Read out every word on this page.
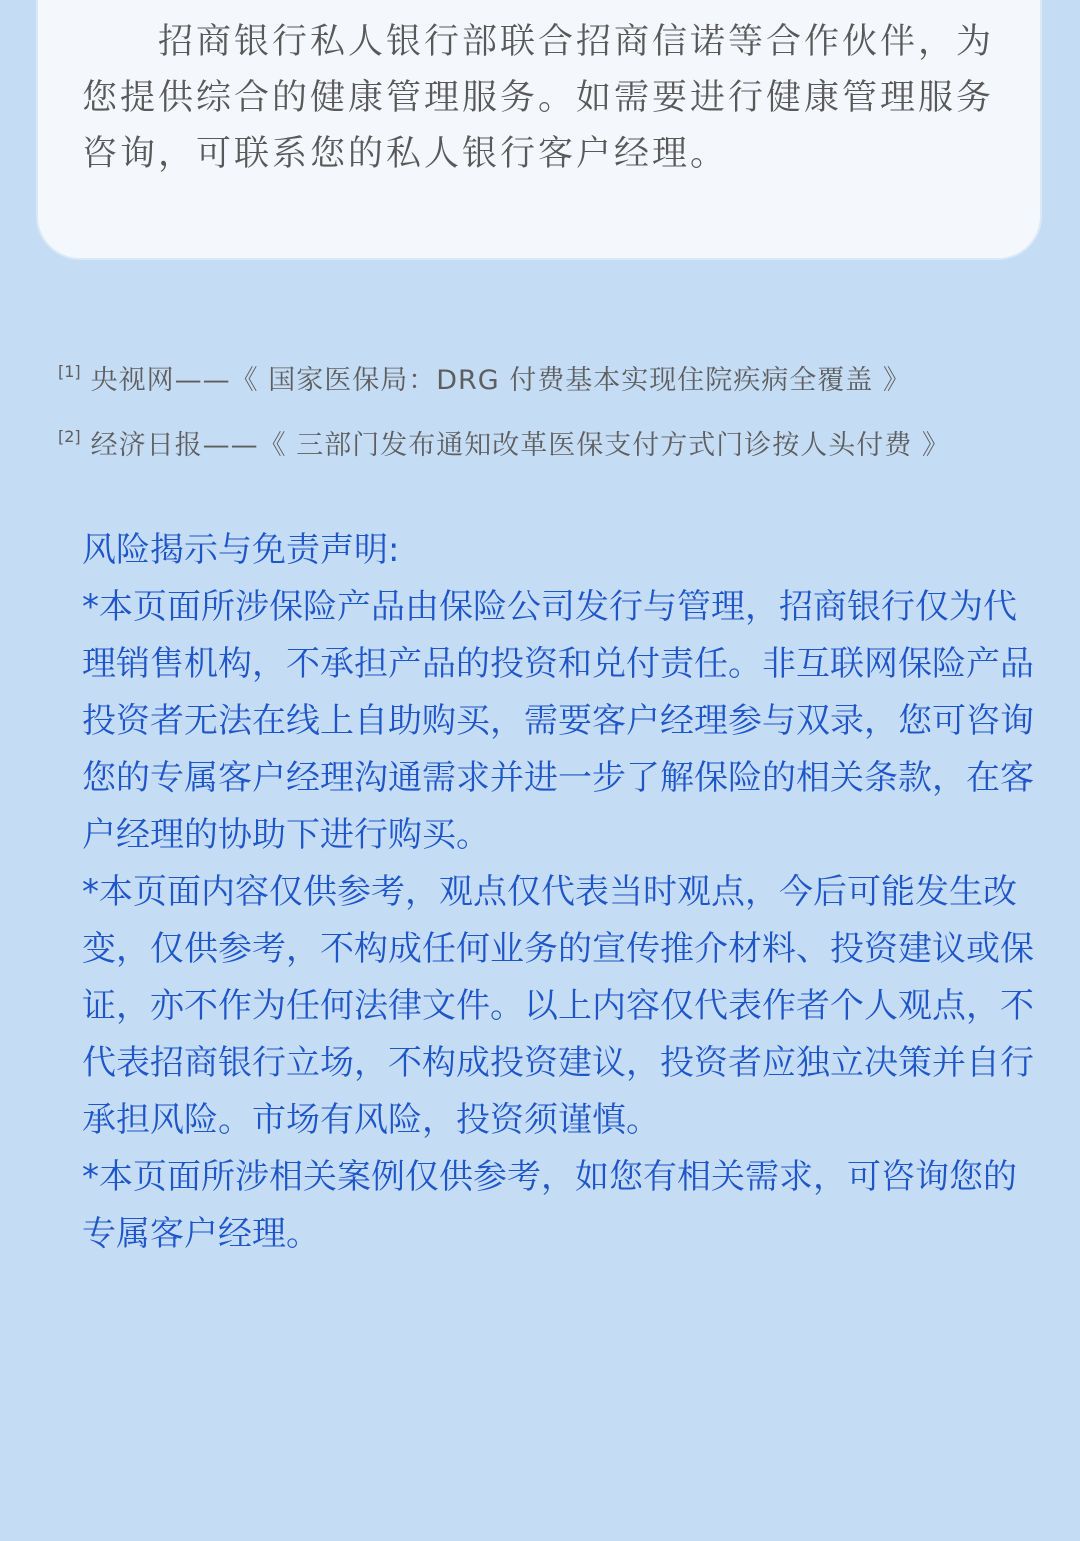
招商银行私人银行部联合招商信诺等合作伙伴，为您提供综合的健康管理服务。如需要进行健康管理服务咨询，可联系您的私人银行客户经理。

[1] 央视网——《 国家医保局：DRG 付费基本实现住院疾病全覆盖 》
[2] 经济日报——《 三部门发布通知改革医保支付方式门诊按人头付费 》

风险揭示与免责声明:

*本页面所涉保险产品由保险公司发行与管理，招商银行仅为代理销售机构，不承担产品的投资和兑付责任。非互联网保险产品投资者无法在线上自助购买，需要客户经理参与双录，您可咨询您的专属客户经理沟通需求并进一步了解保险的相关条款，在客户经理的协助下进行购买。

*本页面内容仅供参考，观点仅代表当时观点，今后可能发生改变，仅供参考，不构成任何业务的宣传推介材料、投资建议或保证，亦不作为任何法律文件。以上内容仅代表作者个人观点，不代表招商银行立场，不构成投资建议，投资者应独立决策并自行承担风险。市场有风险，投资须谨慎。

*本页面所涉相关案例仅供参考，如您有相关需求，可咨询您的专属客户经理。
